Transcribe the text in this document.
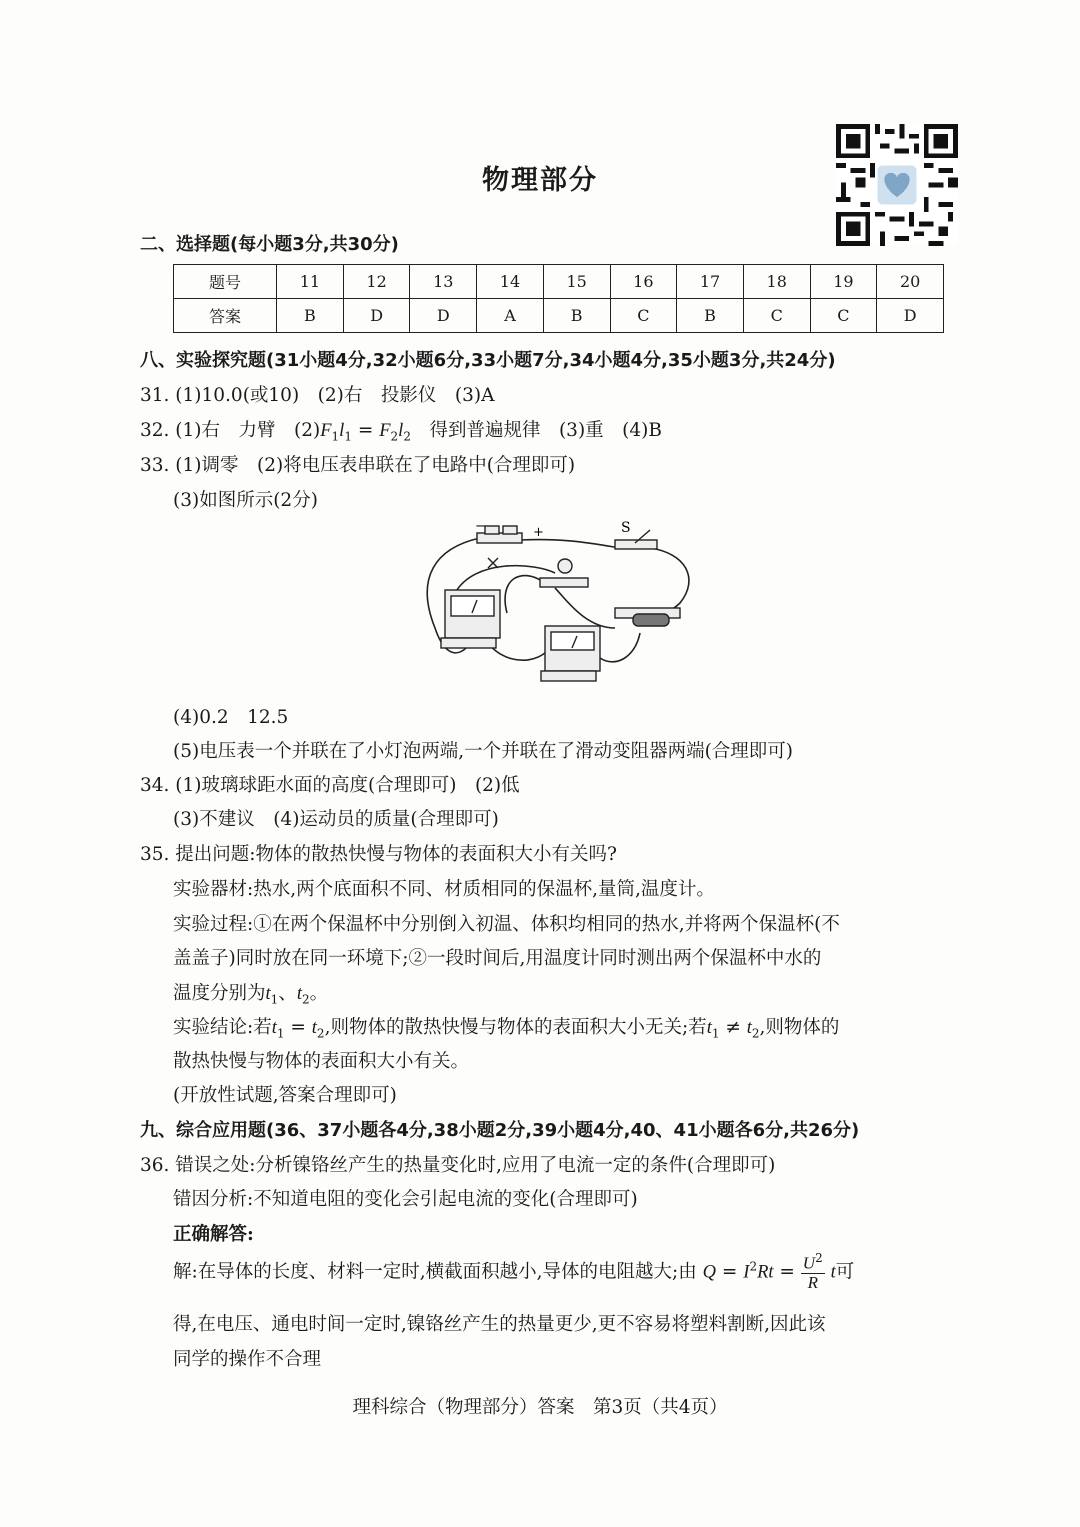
物理部分
二、选择题(每小题3分,共30分)
题号	11	12	13	14	15	16	17	18	19	20
答案	B	D	D	A	B	C	B	C	C	D
八、实验探究题(31小题4分,32小题6分,33小题7分,34小题4分,35小题3分,共24分)
31. (1)10.0(或10)　(2)右　投影仪　(3)A
32. (1)右　力臂　$(2)F_1l_1 = F_2l_2$　得到普遍规律　(3)重　(4)B
33. (1)调零　(2)将电压表串联在了电路中(合理即可)
(3)如图所示(2分)
−	+	S
(4)0.2　12.5
(5)电压表一个并联在了小灯泡两端,一个并联在了滑动变阻器两端(合理即可)
34. (1)玻璃球距水面的高度(合理即可)　(2)低
(3)不建议　(4)运动员的质量(合理即可)
35. 提出问题:物体的散热快慢与物体的表面积大小有关吗?
实验器材:热水,两个底面积不同、材质相同的保温杯,量筒,温度计。
实验过程:①在两个保温杯中分别倒入初温、体积均相同的热水,并将两个保温杯(不
盖盖子)同时放在同一环境下;②一段时间后,用温度计同时测出两个保温杯中水的
温度分别为$t_1$、$t_2$。
实验结论:若$t_1 = t_2$,则物体的散热快慢与物体的表面积大小无关;若$t_1 \ne t_2$,则物体的
散热快慢与物体的表面积大小有关。
(开放性试题,答案合理即可)
九、综合应用题(36、37小题各4分,38小题2分,39小题4分,40、41小题各6分,共26分)
36. 错误之处:分析镍铬丝产生的热量变化时,应用了电流一定的条件(合理即可)
错因分析:不知道电阻的变化会引起电流的变化(合理即可)
正确解答:
解:在导体的长度、材料一定时,横截面积越小,导体的电阻越大;由 $Q = I^2Rt = \frac{U^2}{R}$ t可
得,在电压、通电时间一定时,镍铬丝产生的热量更少,更不容易将塑料割断,因此该
同学的操作不合理
理科综合（物理部分）答案　第3页（共4页）
